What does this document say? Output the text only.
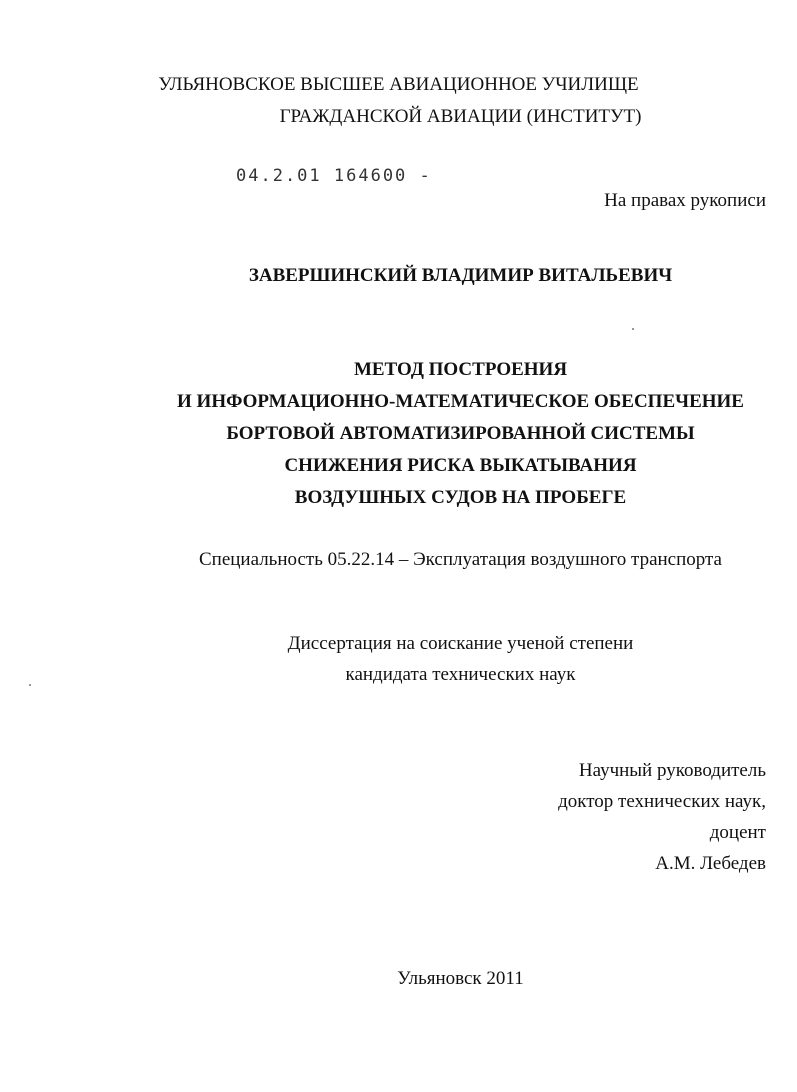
УЛЬЯНОВСКОЕ ВЫСШЕЕ АВИАЦИОННОЕ УЧИЛИЩЕ
ГРАЖДАНСКОЙ АВИАЦИИ (ИНСТИТУТ)
04.2.01 164600 -
На правах рукописи
ЗАВЕРШИНСКИЙ ВЛАДИМИР ВИТАЛЬЕВИЧ
МЕТОД ПОСТРОЕНИЯ
И ИНФОРМАЦИОННО-МАТЕМАТИЧЕСКОЕ ОБЕСПЕЧЕНИЕ
БОРТОВОЙ АВТОМАТИЗИРОВАННОЙ СИСТЕМЫ
СНИЖЕНИЯ РИСКА ВЫКАТЫВАНИЯ
ВОЗДУШНЫХ СУДОВ НА ПРОБЕГЕ
Специальность 05.22.14 – Эксплуатация воздушного транспорта
Диссертация на соискание ученой степени
кандидата технических наук
Научный руководитель
доктор технических наук,
доцент
А.М. Лебедев
Ульяновск 2011
